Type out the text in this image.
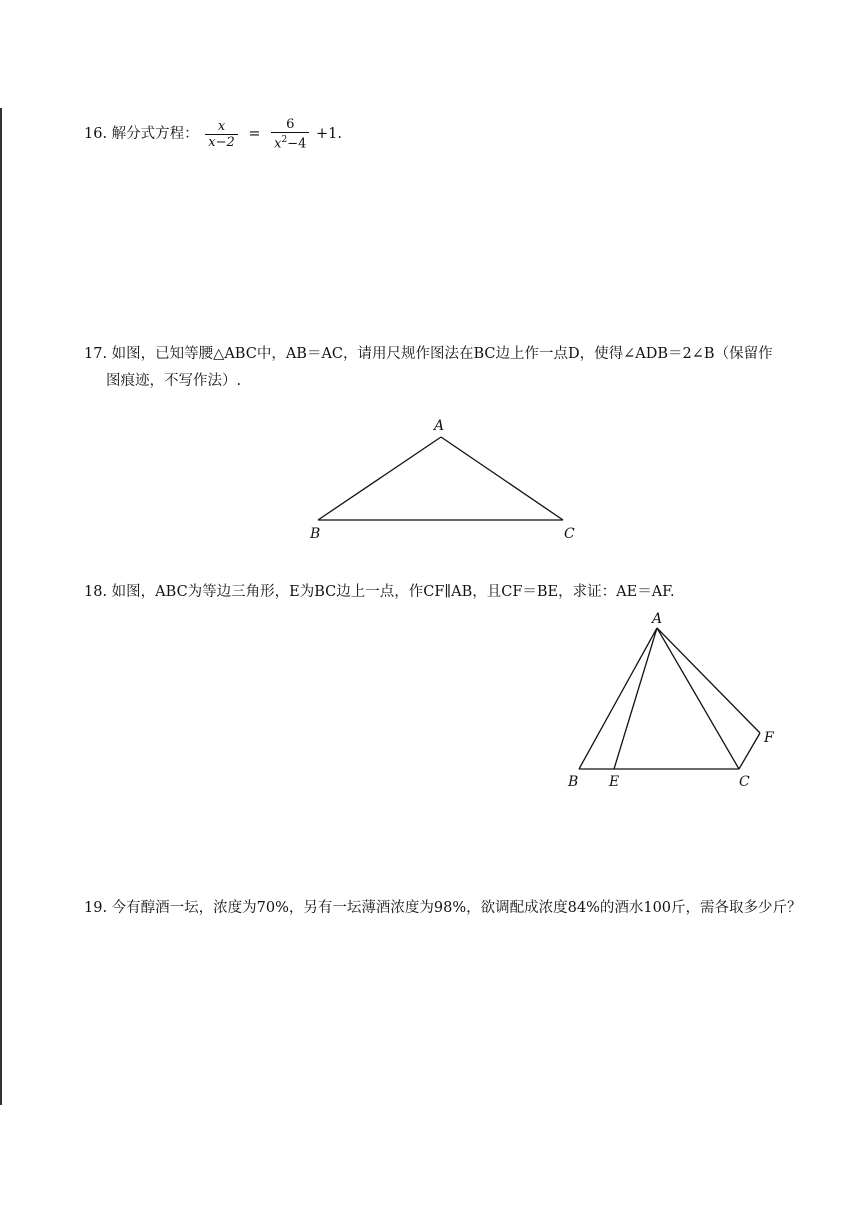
16. 解分式方程： $\frac{x}{x-2} = \frac{6}{x^2-4} +1$.
17. 如图，已知等腰△ABC中，AB＝AC，请用尺规作图法在BC边上作一点D，使得∠ADB＝2∠B（保留作
图痕迹，不写作法）.
A
B	C
18. 如图，ABC为等边三角形，E为BC边上一点，作CF∥AB，且CF＝BE，求证：AE＝AF.
A
B E	C
F
19. 今有醇酒一坛，浓度为70%，另有一坛薄酒浓度为98%，欲调配成浓度84%的酒水100斤，需各取多少斤？
